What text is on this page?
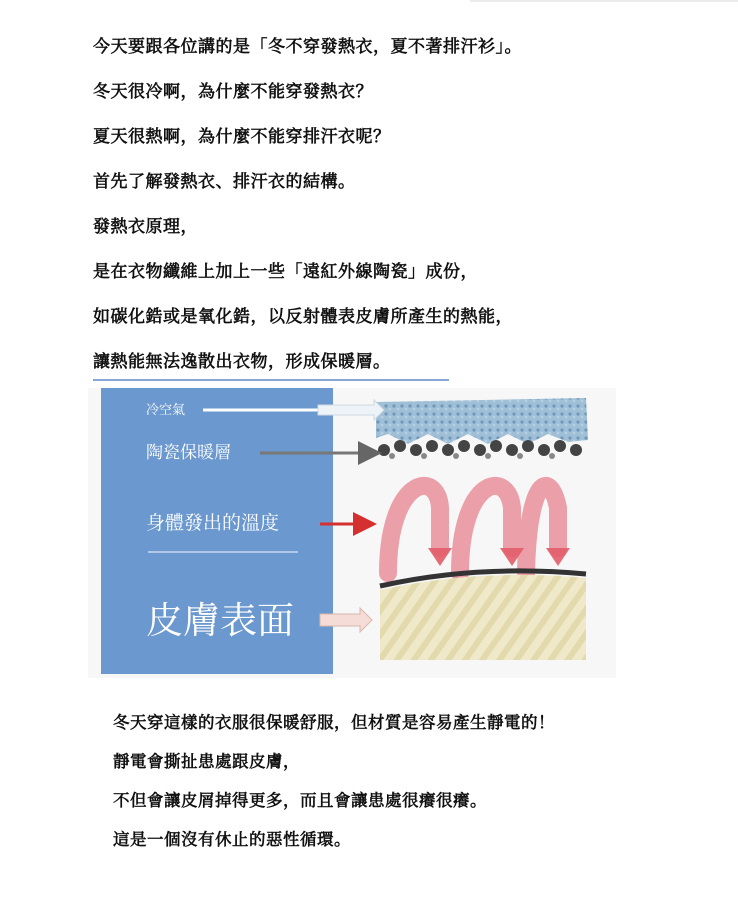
今天要跟各位講的是「冬不穿發熱衣，夏不著排汗衫」。
冬天很冷啊，為什麼不能穿發熱衣？
夏天很熱啊，為什麼不能穿排汗衣呢？
首先了解發熱衣、排汗衣的結構。
發熱衣原理，
是在衣物纖維上加上一些「遠紅外線陶瓷」成份，
如碳化鋯或是氧化鋯，以反射體表皮膚所產生的熱能，
讓熱能無法逸散出衣物，形成保暖層。
冷空氣
陶瓷保暖層
身體發出的溫度
皮膚表面
冬天穿這樣的衣服很保暖舒服，但材質是容易產生靜電的！
靜電會撕扯患處跟皮膚，
不但會讓皮屑掉得更多，而且會讓患處很癢很癢。
這是一個沒有休止的惡性循環。
